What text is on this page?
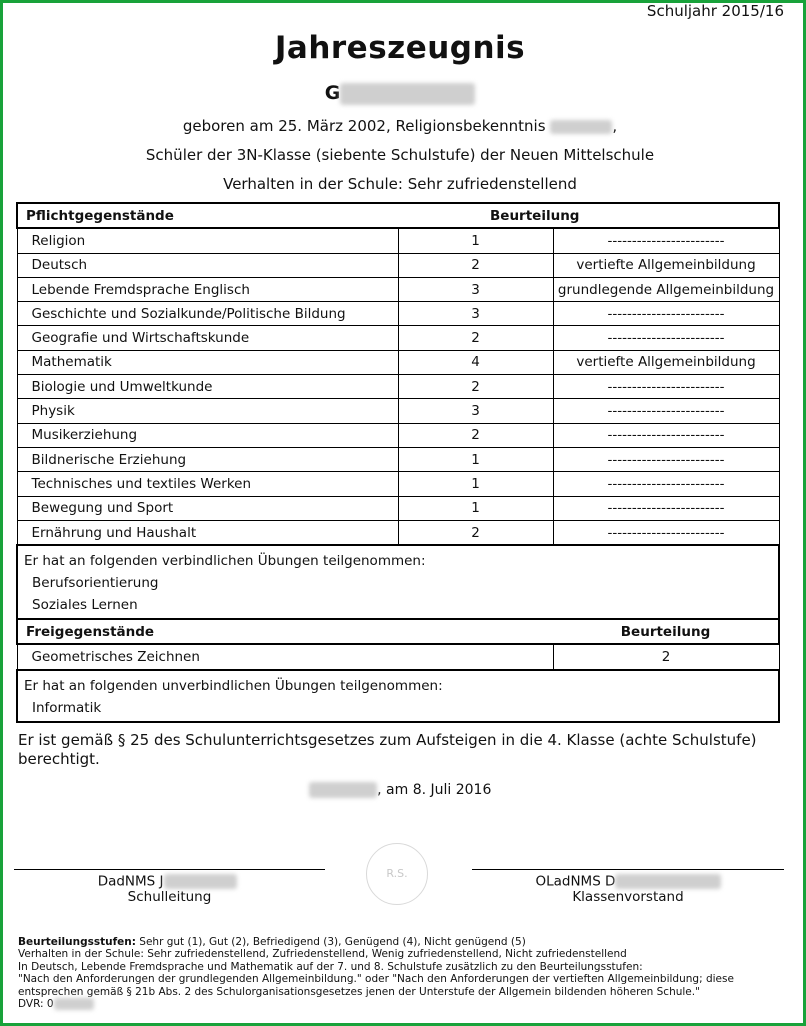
Schuljahr 2015/16
Jahreszeugnis
G
geboren am 25. März 2002, Religionsbekenntnis	,
Schüler der 3N-Klasse (siebente Schulstufe) der Neuen Mittelschule
Verhalten in der Schule: Sehr zufriedenstellend
Pflichtgegenstände	Beurteilung	
Religion	1	------------------------
Deutsch	2	vertiefte Allgemeinbildung
Lebende Fremdsprache Englisch	3	grundlegende Allgemeinbildung
Geschichte und Sozialkunde/Politische Bildung	3	------------------------
Geografie und Wirtschaftskunde	2	------------------------
Mathematik	4	vertiefte Allgemeinbildung
Biologie und Umweltkunde	2	------------------------
Physik	3	------------------------
Musikerziehung	2	------------------------
Bildnerische Erziehung	1	------------------------
Technisches und textiles Werken	1	------------------------
Bewegung und Sport	1	------------------------
Ernährung und Haushalt	2	------------------------

Er hat an folgenden verbindlichen Übungen teilgenommen:
Berufsorientierung
Soziales Lernen		

Freigegenstände		Beurteilung
Geometrisches Zeichnen		2

Er hat an folgenden unverbindlichen Übungen teilgenommen:
Informatik		
Er ist gemäß § 25 des Schulunterrichtsgesetzes zum Aufsteigen in die 4. Klasse (achte Schulstufe) berechtigt.
, am 8. Juli 2016
DadNMS J
Schulleitung
R.S.	OLadNMS D
Klassenvorstand
Beurteilungsstufen: Sehr gut (1), Gut (2), Befriedigend (3), Genügend (4), Nicht genügend (5)
Verhalten in der Schule: Sehr zufriedenstellend, Zufriedenstellend, Wenig zufriedenstellend, Nicht zufriedenstellend
In Deutsch, Lebende Fremdsprache und Mathematik auf der 7. und 8. Schulstufe zusätzlich zu den Beurteilungsstufen:
"Nach den Anforderungen der grundlegenden Allgemeinbildung." oder "Nach den Anforderungen der vertieften Allgemeinbildung; diese
entsprechen gemäß § 21b Abs. 2 des Schulorganisationsgesetzes jenen der Unterstufe der Allgemein bildenden höheren Schule."
DVR: 0
